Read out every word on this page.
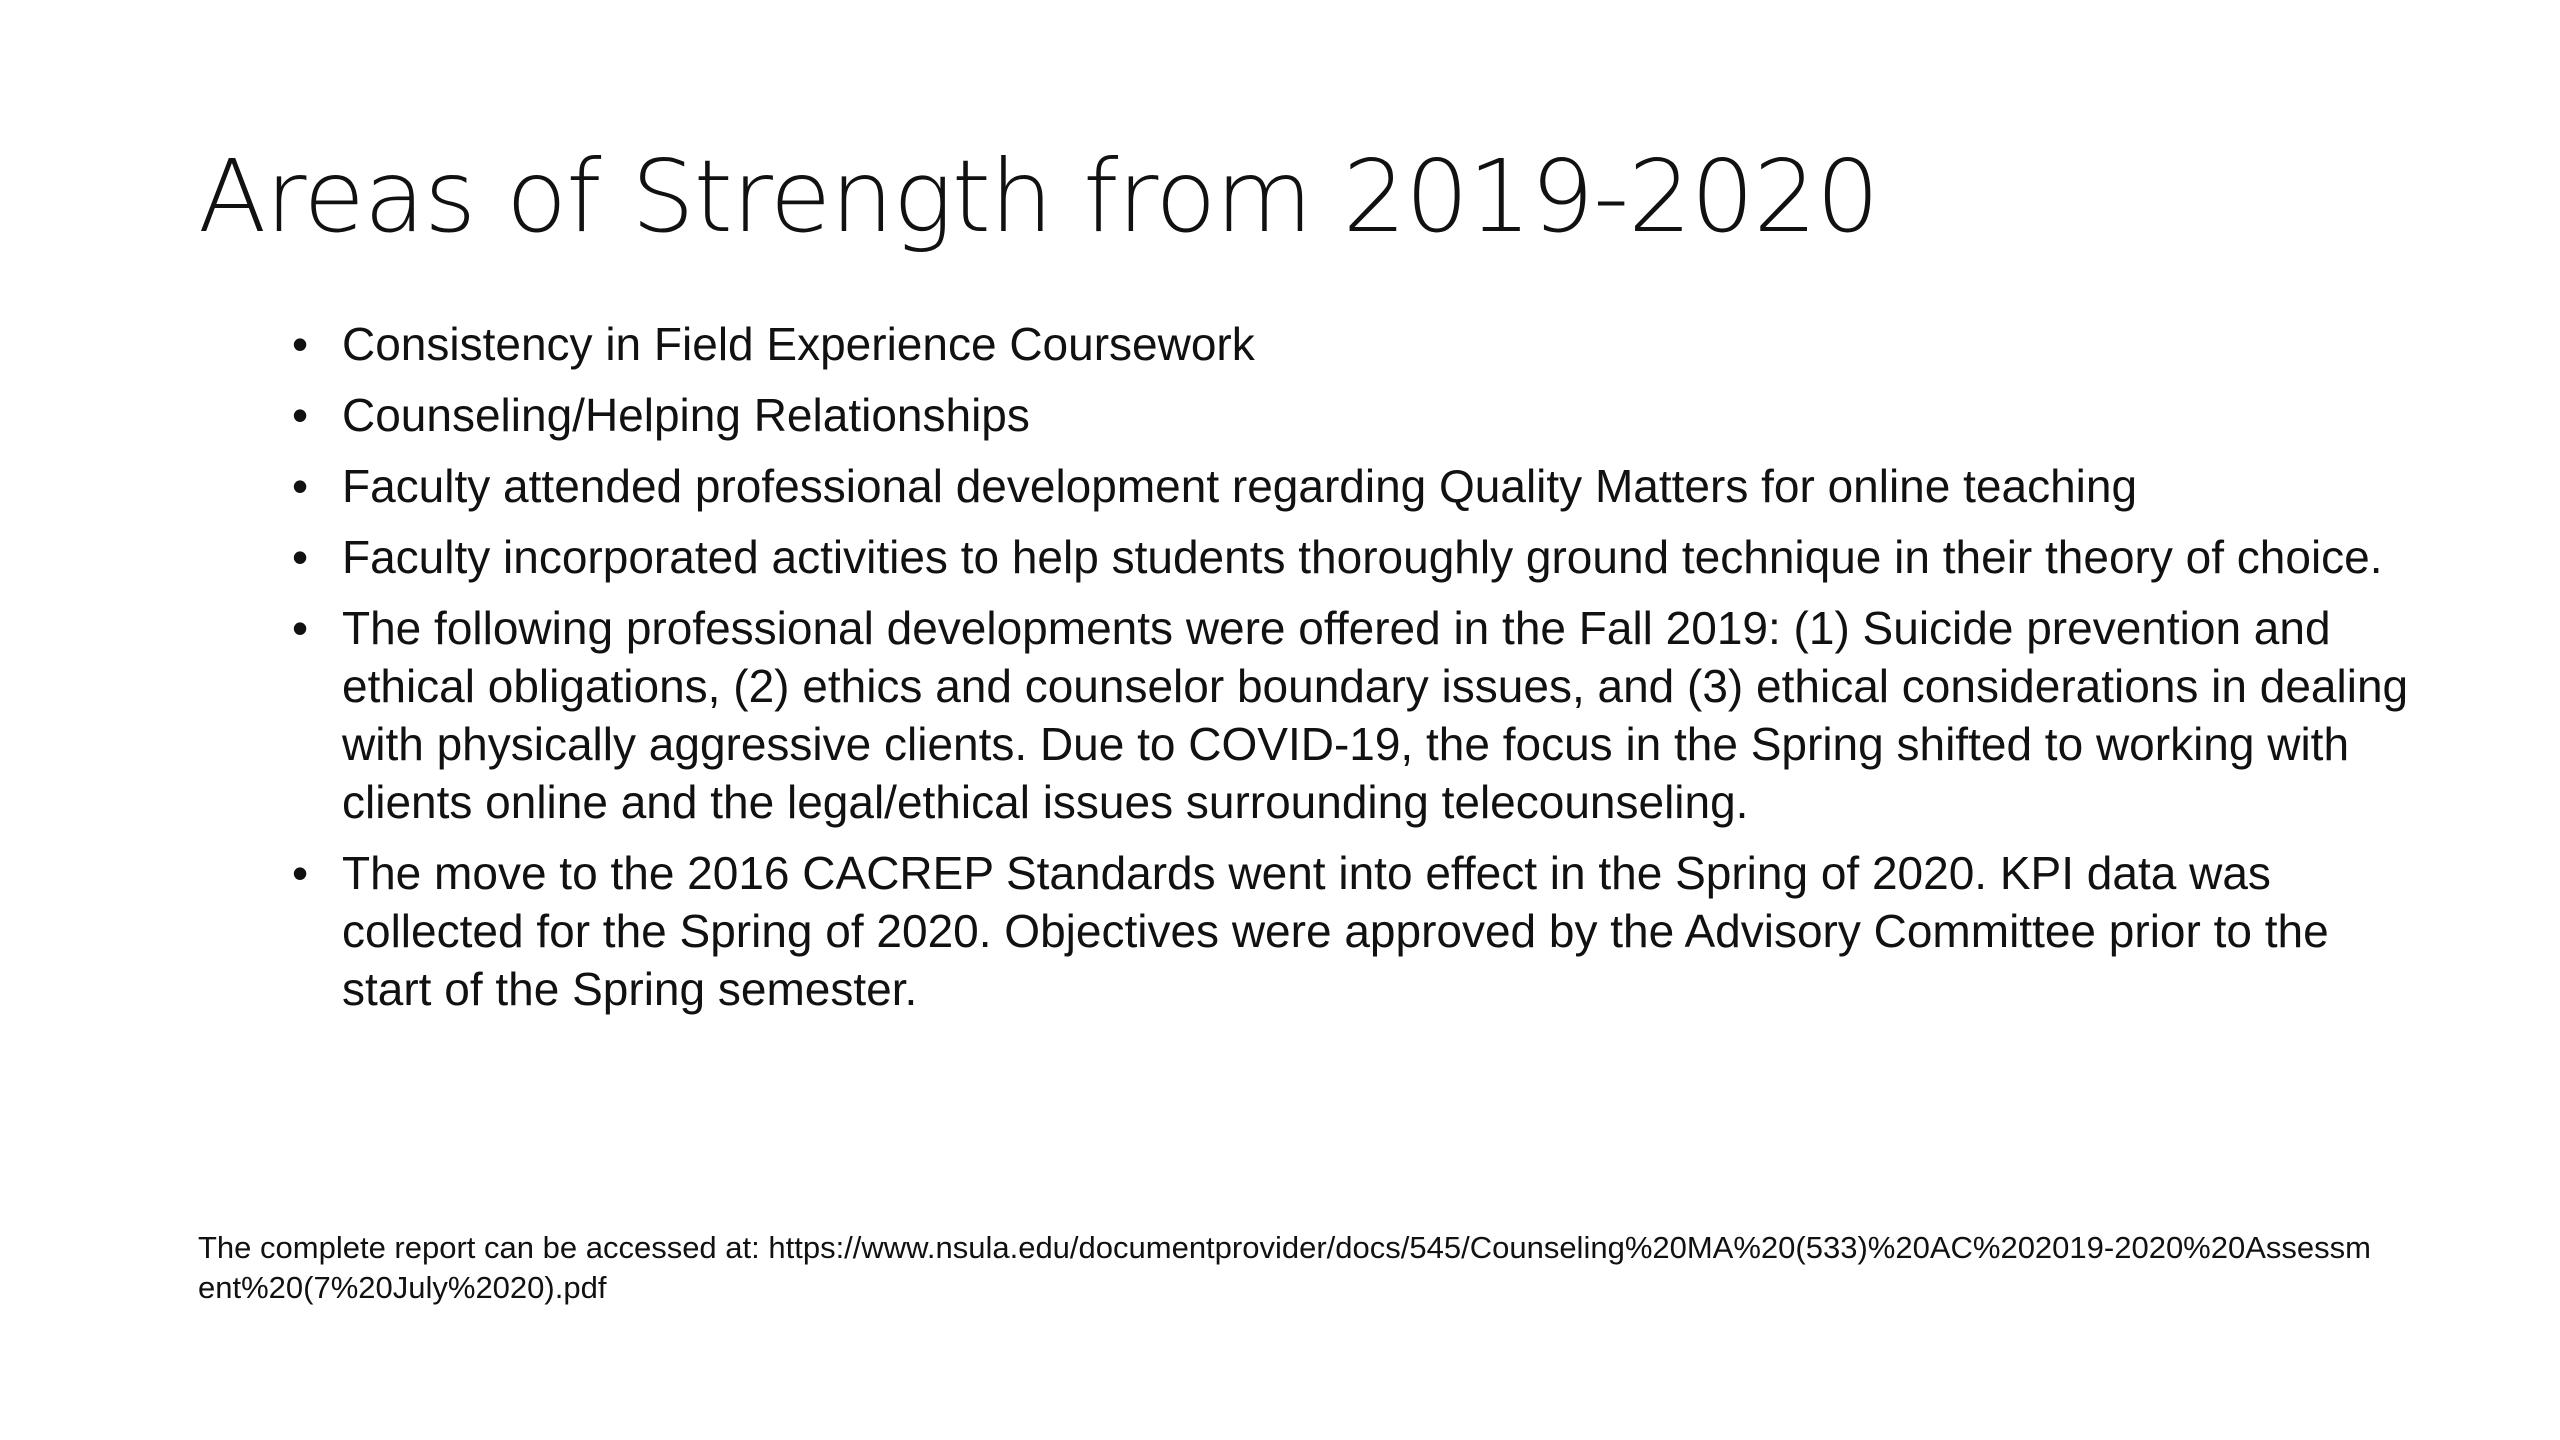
Areas of Strength from 2019-2020
• Consistency in Field Experience Coursework
• Counseling/Helping Relationships
• Faculty attended professional development regarding Quality Matters for online teaching
• Faculty incorporated activities to help students thoroughly ground technique in their theory of choice.
• The following professional developments were offered in the Fall 2019: (1) Suicide prevention and ethical obligations, (2) ethics and counselor boundary issues, and (3) ethical considerations in dealing with physically aggressive clients. Due to COVID-19, the focus in the Spring shifted to working with clients online and the legal/ethical issues surrounding telecounseling.
• The move to the 2016 CACREP Standards went into effect in the Spring of 2020. KPI data was collected for the Spring of 2020. Objectives were approved by the Advisory Committee prior to the start of the Spring semester.

The complete report can be accessed at: https://www.nsula.edu/documentprovider/docs/545/Counseling%20MA%20(533)%20AC%202019-2020%20Assessment%20(7%20July%2020).pdf
